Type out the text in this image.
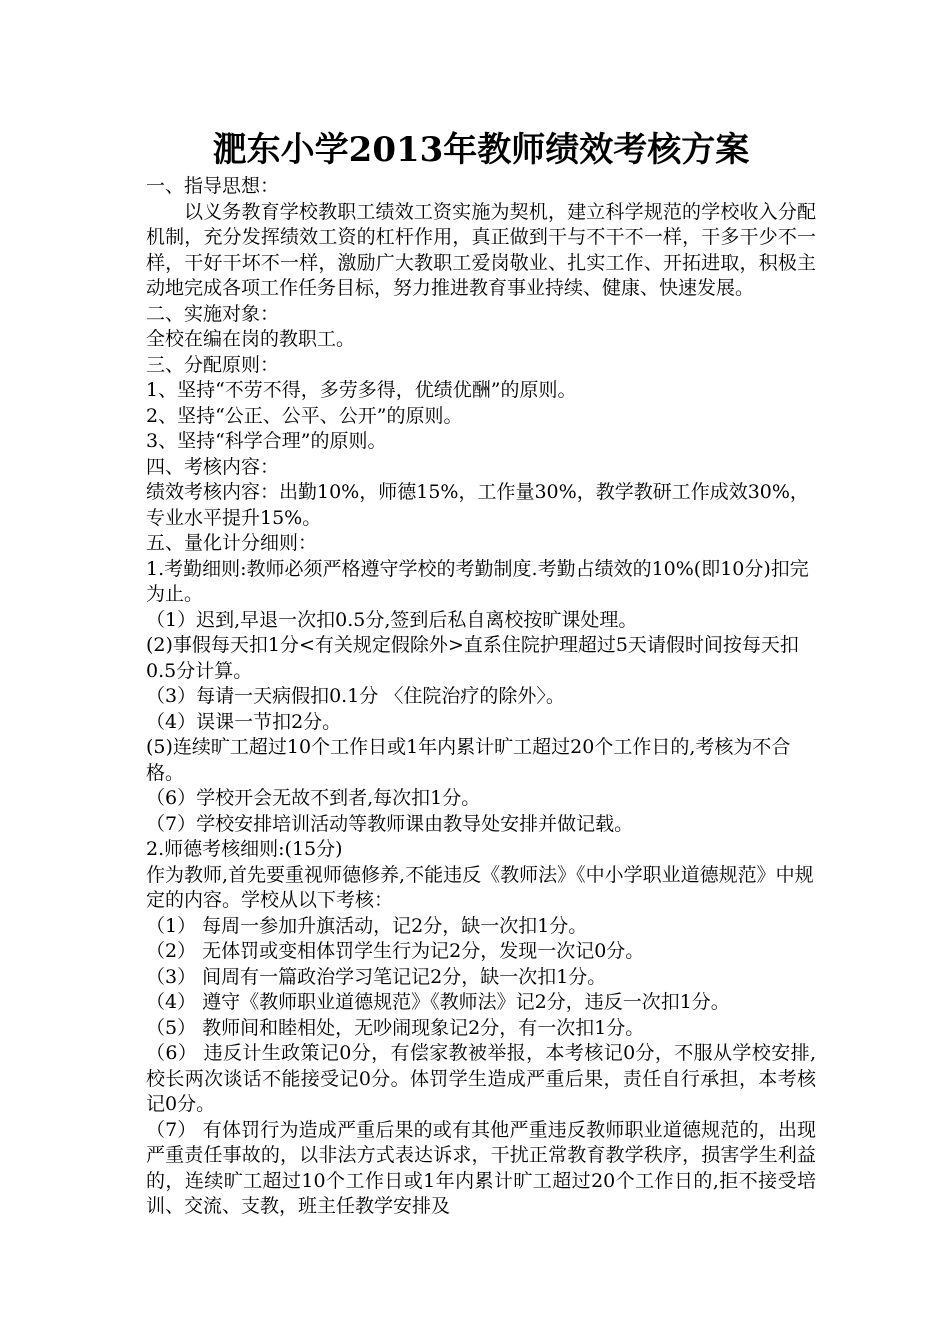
淝东小学2013年教师绩效考核方案

一、指导思想：

以义务教育学校教职工绩效工资实施为契机，建立科学规范的学校收入分配机制，充分发挥绩效工资的杠杆作用，真正做到干与不干不一样，干多干少不一样，干好干坏不一样，激励广大教职工爱岗敬业、扎实工作、开拓进取，积极主动地完成各项工作任务目标，努力推进教育事业持续、健康、快速发展。

二、实施对象：

全校在编在岗的教职工。

三、分配原则：

1、坚持“不劳不得，多劳多得，优绩优酬”的原则。

2、坚持“公正、公平、公开”的原则。

3、坚持“科学合理”的原则。

四、考核内容：

绩效考核内容：出勤10%，师德15%，工作量30%，教学教研工作成效30%，专业水平提升15%。

五、量化计分细则：

1.考勤细则:教师必须严格遵守学校的考勤制度.考勤占绩效的10%(即10分)扣完为止。

（1）迟到,早退一次扣0.5分,签到后私自离校按旷课处理。

(2)事假每天扣1分<有关规定假除外>直系住院护理超过5天请假时间按每天扣0.5分计算。

（3）每请一天病假扣0.1分 〈住院治疗的除外〉。

（4）误课一节扣2分。

(5)连续旷工超过10个工作日或1年内累计旷工超过20个工作日的,考核为不合格。

（6）学校开会无故不到者,每次扣1分。

（7）学校安排培训活动等教师课由教导处安排并做记载。

2.师德考核细则:(15分)

作为教师,首先要重视师德修养,不能违反《教师法》《中小学职业道德规范》中规定的内容。学校从以下考核：

（1） 每周一参加升旗活动，记2分，缺一次扣1分。

（2） 无体罚或变相体罚学生行为记2分，发现一次记0分。

（3） 间周有一篇政治学习笔记记2分，缺一次扣1分。

（4） 遵守《教师职业道德规范》《教师法》记2分，违反一次扣1分。

（5） 教师间和睦相处，无吵闹现象记2分，有一次扣1分。

（6） 违反计生政策记0分，有偿家教被举报，本考核记0分，不服从学校安排,校长两次谈话不能接受记0分。体罚学生造成严重后果，责任自行承担，本考核记0分。

（7） 有体罚行为造成严重后果的或有其他严重违反教师职业道德规范的，出现严重责任事故的，以非法方式表达诉求，干扰正常教育教学秩序，损害学生利益的，连续旷工超过10个工作日或1年内累计旷工超过20个工作日的,拒不接受培训、交流、支教，班主任教学安排及
